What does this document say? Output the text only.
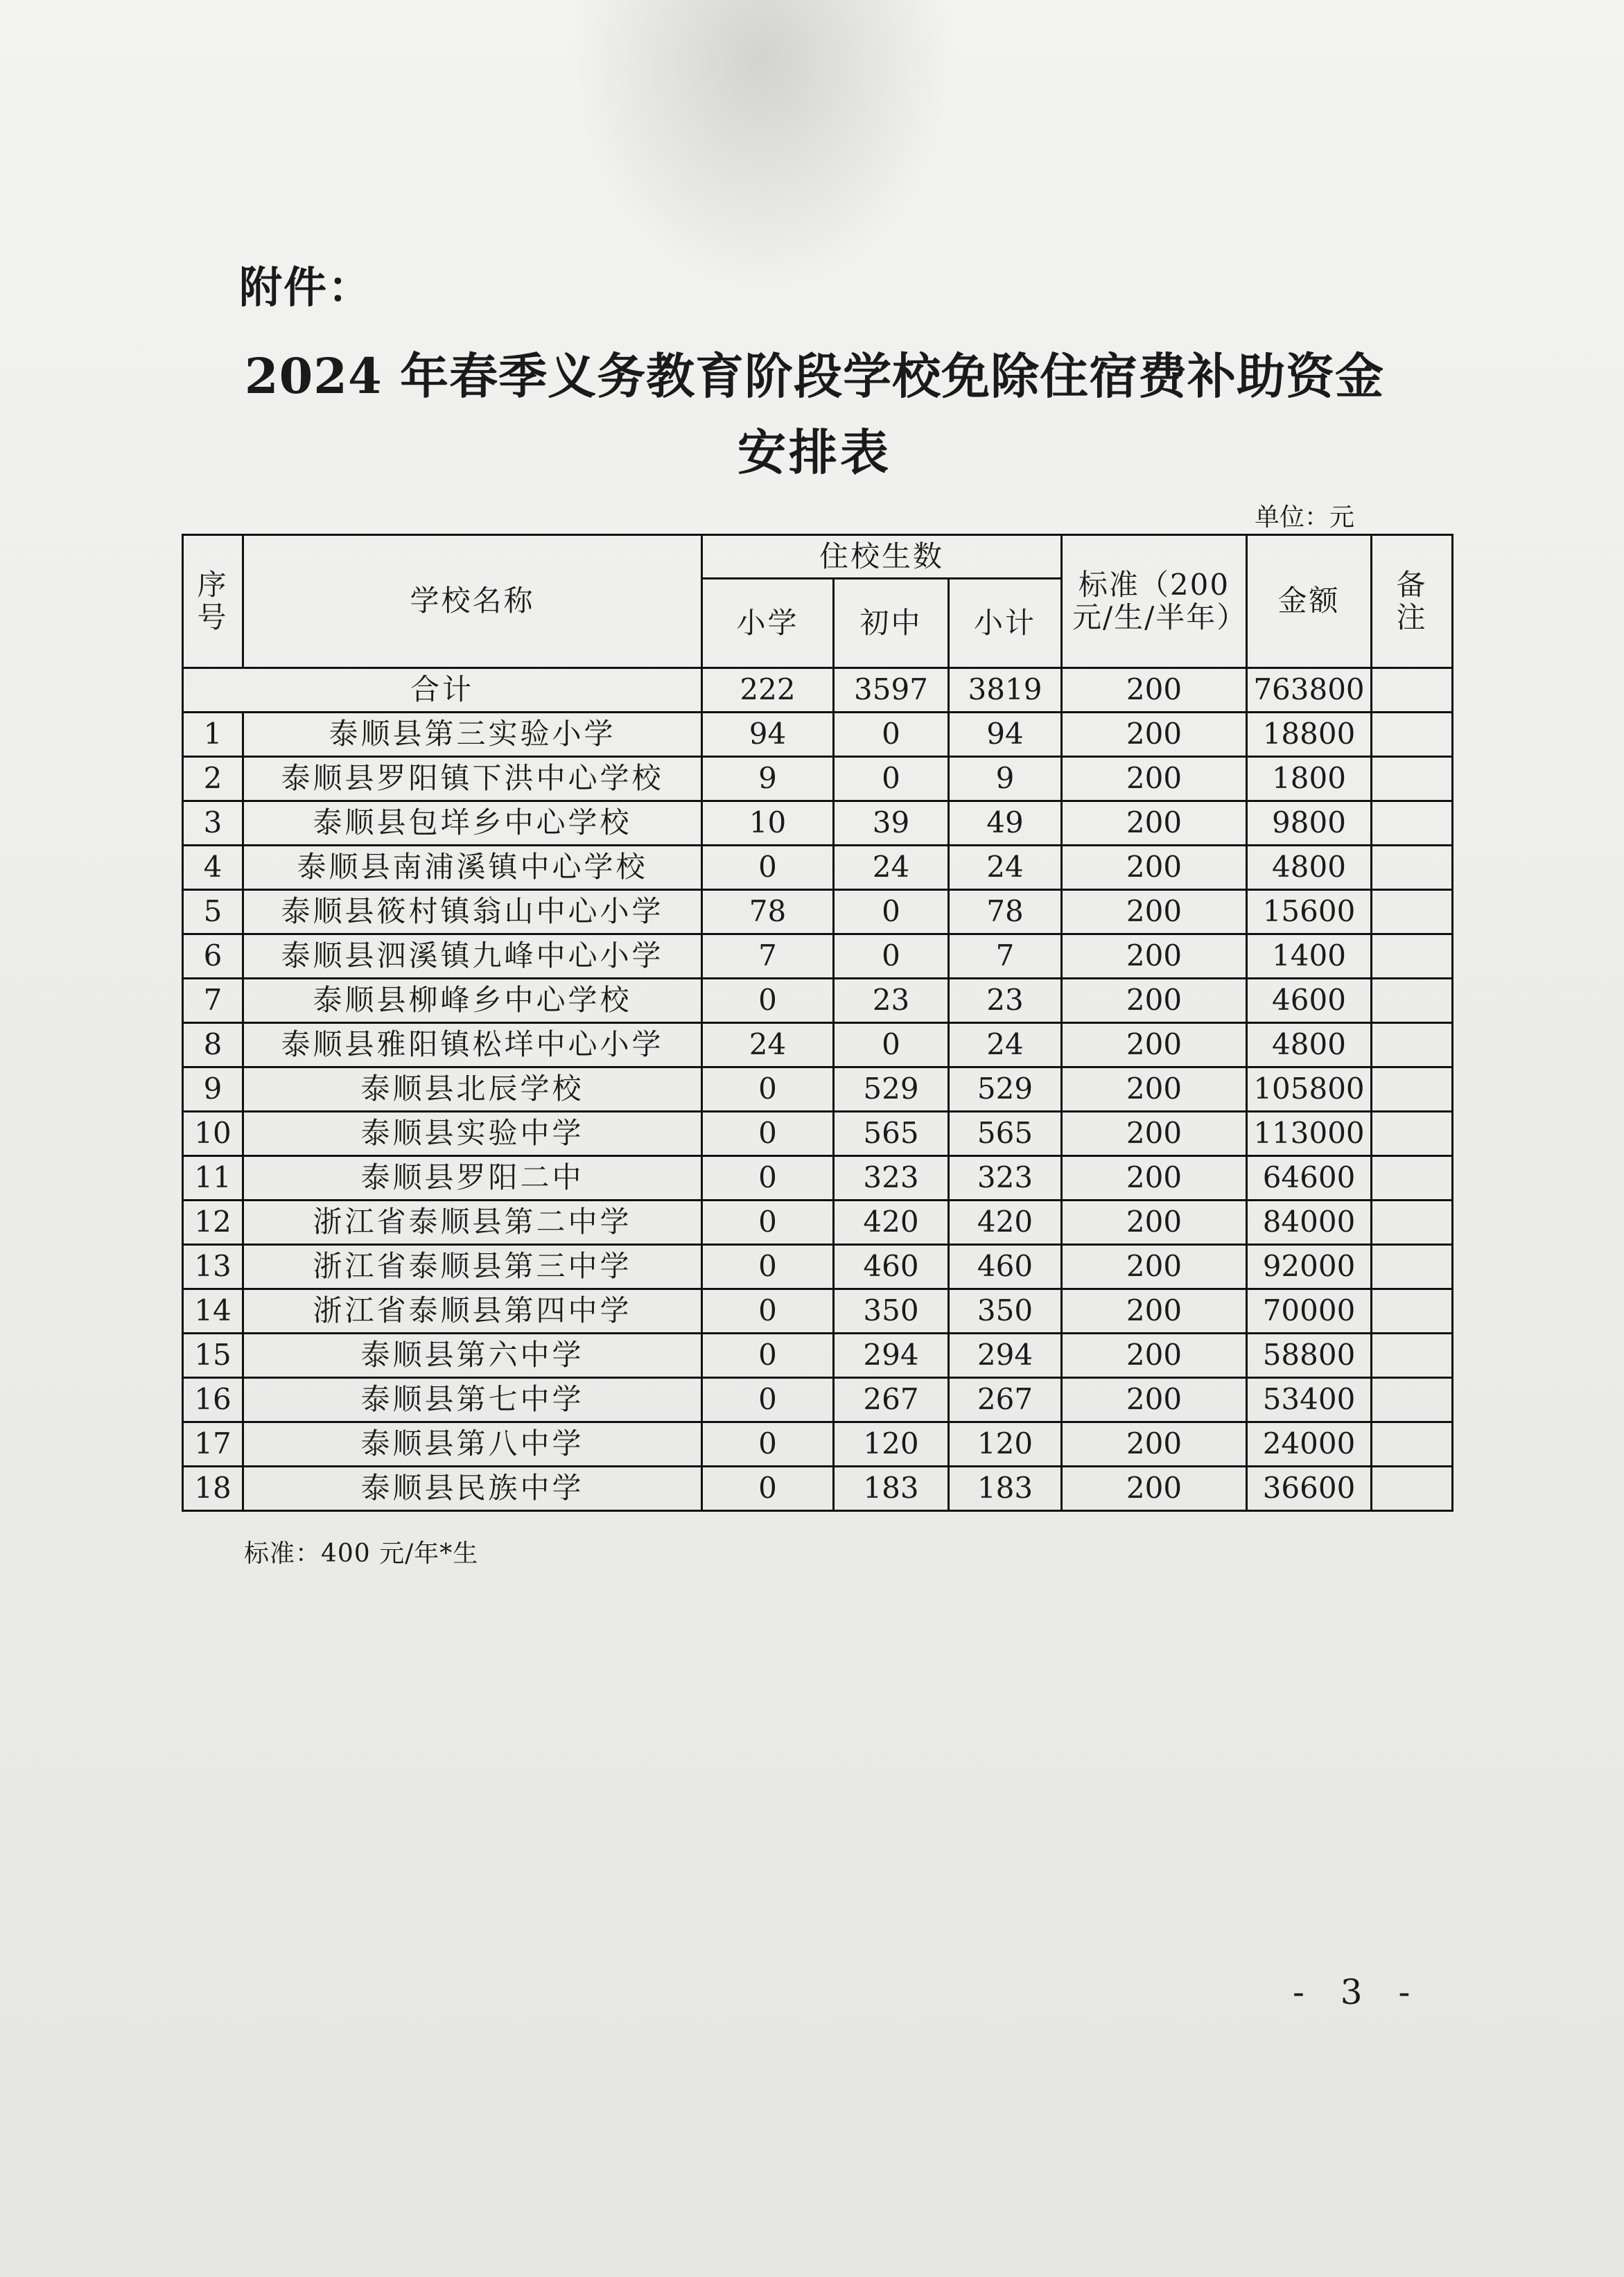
附件：
2024 年春季义务教育阶段学校免除住宿费补助资金
安排表
单位：元
序号	学校名称	住校生数			标准（200元/生/半年）	金额	备注
		小学	初中	小计			
合计		222	3597	3819	200	763800	
1	泰顺县第三实验小学	94	0	94	200	18800	
2	泰顺县罗阳镇下洪中心学校	9	0	9	200	1800	
3	泰顺县包垟乡中心学校	10	39	49	200	9800	
4	泰顺县南浦溪镇中心学校	0	24	24	200	4800	
5	泰顺县筱村镇翁山中心小学	78	0	78	200	15600	
6	泰顺县泗溪镇九峰中心小学	7	0	7	200	1400	
7	泰顺县柳峰乡中心学校	0	23	23	200	4600	
8	泰顺县雅阳镇松垟中心小学	24	0	24	200	4800	
9	泰顺县北辰学校	0	529	529	200	105800	
10	泰顺县实验中学	0	565	565	200	113000	
11	泰顺县罗阳二中	0	323	323	200	64600	
12	浙江省泰顺县第二中学	0	420	420	200	84000	
13	浙江省泰顺县第三中学	0	460	460	200	92000	
14	浙江省泰顺县第四中学	0	350	350	200	70000	
15	泰顺县第六中学	0	294	294	200	58800	
16	泰顺县第七中学	0	267	267	200	53400	
17	泰顺县第八中学	0	120	120	200	24000	
18	泰顺县民族中学	0	183	183	200	36600	
标准：400 元/年*生
- 3 -
